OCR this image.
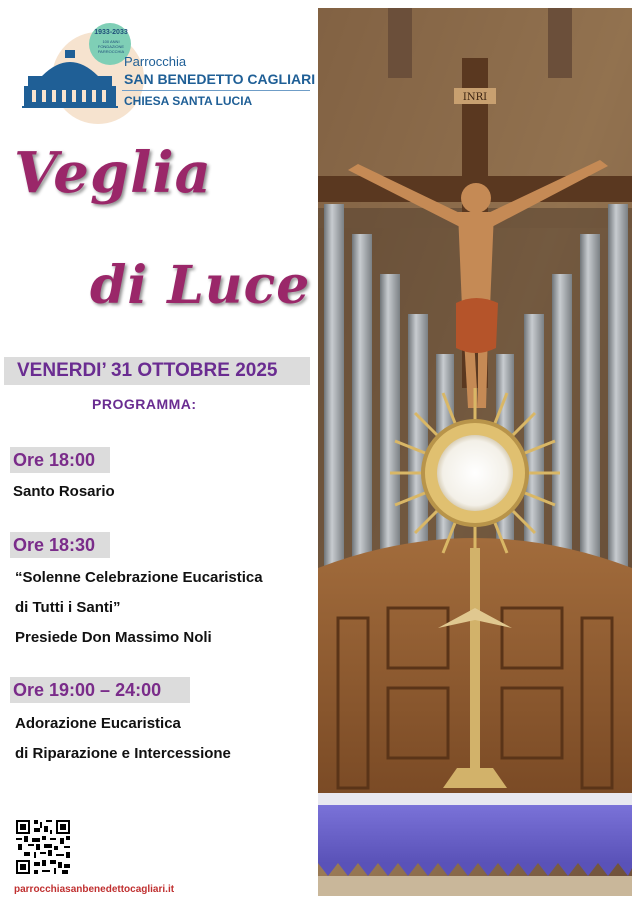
1933-2033
100 ANNI
FONDAZIONE
PARROCCHIA
Parrocchia
SAN BENEDETTO CAGLIARI
CHIESA SANTA LUCIA
Veglia
di Luce
VENERDI’ 31 OTTOBRE 2025
PROGRAMMA:
Ore 18:00
Santo Rosario
Ore 18:30
“Solenne Celebrazione Eucaristica
di Tutti i Santi”
Presiede Don Massimo Noli
Ore 19:00 – 24:00
Adorazione Eucaristica
di Riparazione e Intercessione
parrocchiasanbenedettocagliari.it
INRI
